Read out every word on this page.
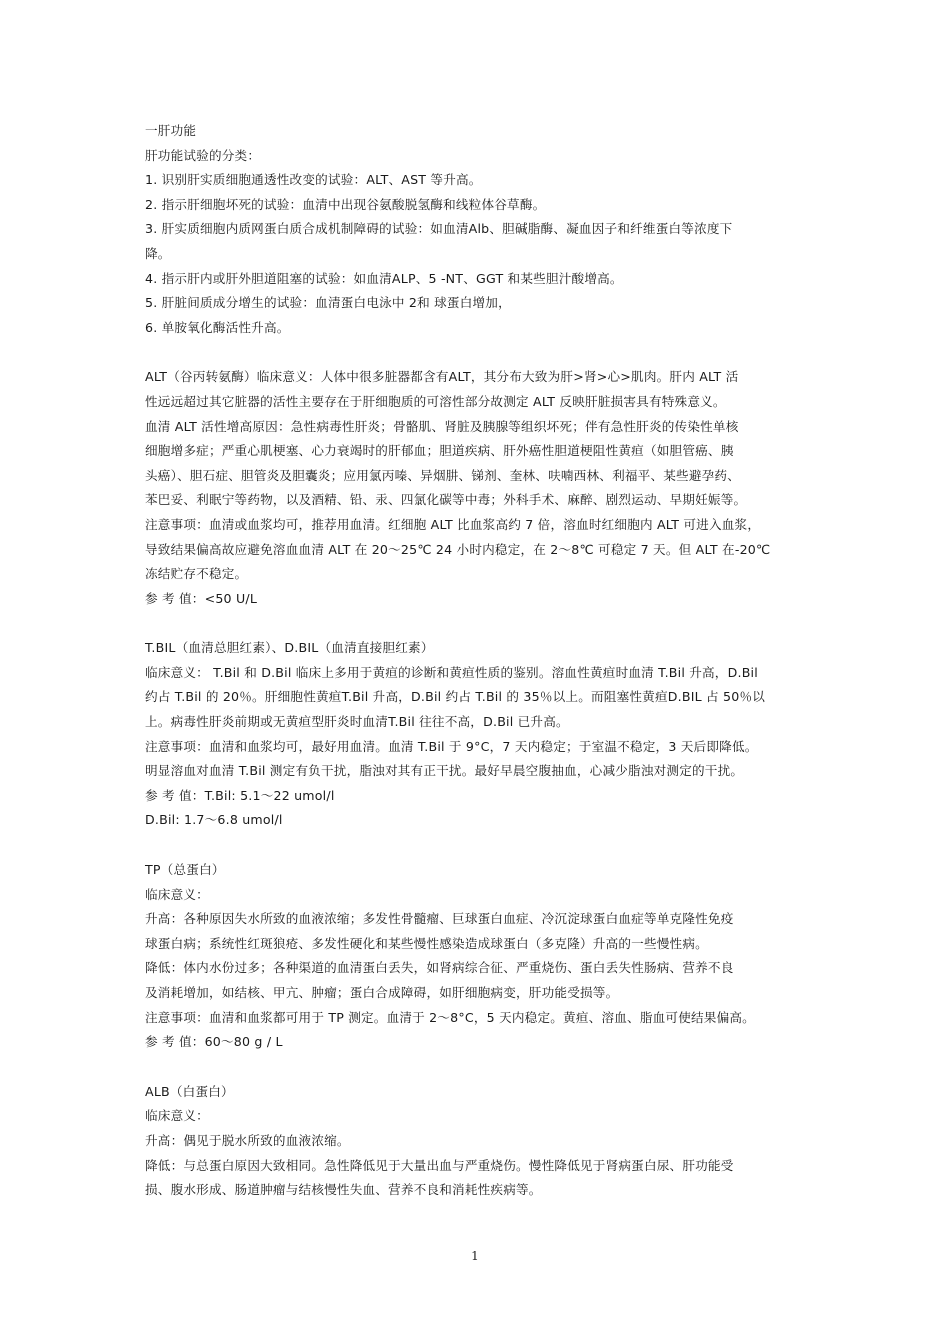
一肝功能
肝功能试验的分类：
1. 识别肝实质细胞通透性改变的试验：ALT、AST 等升高。
2. 指示肝细胞坏死的试验：血清中出现谷氨酸脱氢酶和线粒体谷草酶。
3. 肝实质细胞内质网蛋白质合成机制障碍的试验：如血清Alb、胆碱脂酶、凝血因子和纤维蛋白等浓度下
降。
4. 指示肝内或肝外胆道阻塞的试验：如血清ALP、5 -NT、GGT 和某些胆汁酸增高。
5. 肝脏间质成分增生的试验：血清蛋白电泳中 2和 球蛋白增加，
6. 单胺氧化酶活性升高。
ALT（谷丙转氨酶）临床意义：人体中很多脏器都含有ALT，其分布大致为肝>肾>心>肌肉。肝内 ALT 活
性远远超过其它脏器的活性主要存在于肝细胞质的可溶性部分故测定 ALT 反映肝脏损害具有特殊意义。
血清 ALT 活性增高原因：急性病毒性肝炎；骨骼肌、肾脏及胰腺等组织坏死；伴有急性肝炎的传染性单核
细胞增多症；严重心肌梗塞、心力衰竭时的肝郁血；胆道疾病、肝外癌性胆道梗阻性黄疸（如胆管癌、胰
头癌）、胆石症、胆管炎及胆囊炎；应用氯丙嗪、异烟肼、锑剂、奎林、呋喃西林、利福平、某些避孕药、
苯巴妥、利眠宁等药物，以及酒精、铅、汞、四氯化碳等中毒；外科手术、麻醉、剧烈运动、早期妊娠等。
注意事项：血清或血浆均可，推荐用血清。红细胞 ALT 比血浆高约 7 倍，溶血时红细胞内 ALT 可进入血浆，
导致结果偏高故应避免溶血血清 ALT 在 20～25℃ 24 小时内稳定，在 2～8℃ 可稳定 7 天。但 ALT 在-20℃
冻结贮存不稳定。
参 考 值：<50 U/L
T.BIL（血清总胆红素）、D.BIL（血清直接胆红素）
临床意义： T.Bil 和 D.Bil 临床上多用于黄疸的诊断和黄疸性质的鉴别。溶血性黄疸时血清 T.Bil 升高，D.Bil
约占 T.Bil 的 20％。肝细胞性黄疸T.Bil 升高，D.Bil 约占 T.Bil 的 35％以上。而阻塞性黄疸D.BIL 占 50％以
上。病毒性肝炎前期或无黄疸型肝炎时血清T.Bil 往往不高，D.Bil 已升高。
注意事项：血清和血浆均可，最好用血清。血清 T.Bil 于 9°C，7 天内稳定；于室温不稳定，3 天后即降低。
明显溶血对血清 T.Bil 测定有负干扰，脂浊对其有正干扰。最好早晨空腹抽血，心减少脂浊对测定的干扰。
参 考 值：T.Bil: 5.1～22 umol/l
D.Bil: 1.7～6.8 umol/l
TP（总蛋白）
临床意义：
升高：各种原因失水所致的血液浓缩；多发性骨髓瘤、巨球蛋白血症、冷沉淀球蛋白血症等单克隆性免疫
球蛋白病；系统性红斑狼疮、多发性硬化和某些慢性感染造成球蛋白（多克隆）升高的一些慢性病。
降低：体内水份过多；各种渠道的血清蛋白丢失，如肾病综合征、严重烧伤、蛋白丢失性肠病、营养不良
及消耗增加，如结核、甲亢、肿瘤；蛋白合成障碍，如肝细胞病变，肝功能受损等。
注意事项：血清和血浆都可用于 TP 测定。血清于 2～8°C，5 天内稳定。黄疸、溶血、脂血可使结果偏高。
参 考 值：60～80 g / L
ALB（白蛋白）
临床意义：
升高：偶见于脱水所致的血液浓缩。
降低：与总蛋白原因大致相同。急性降低见于大量出血与严重烧伤。慢性降低见于肾病蛋白尿、肝功能受
损、腹水形成、肠道肿瘤与结核慢性失血、营养不良和消耗性疾病等。
1
